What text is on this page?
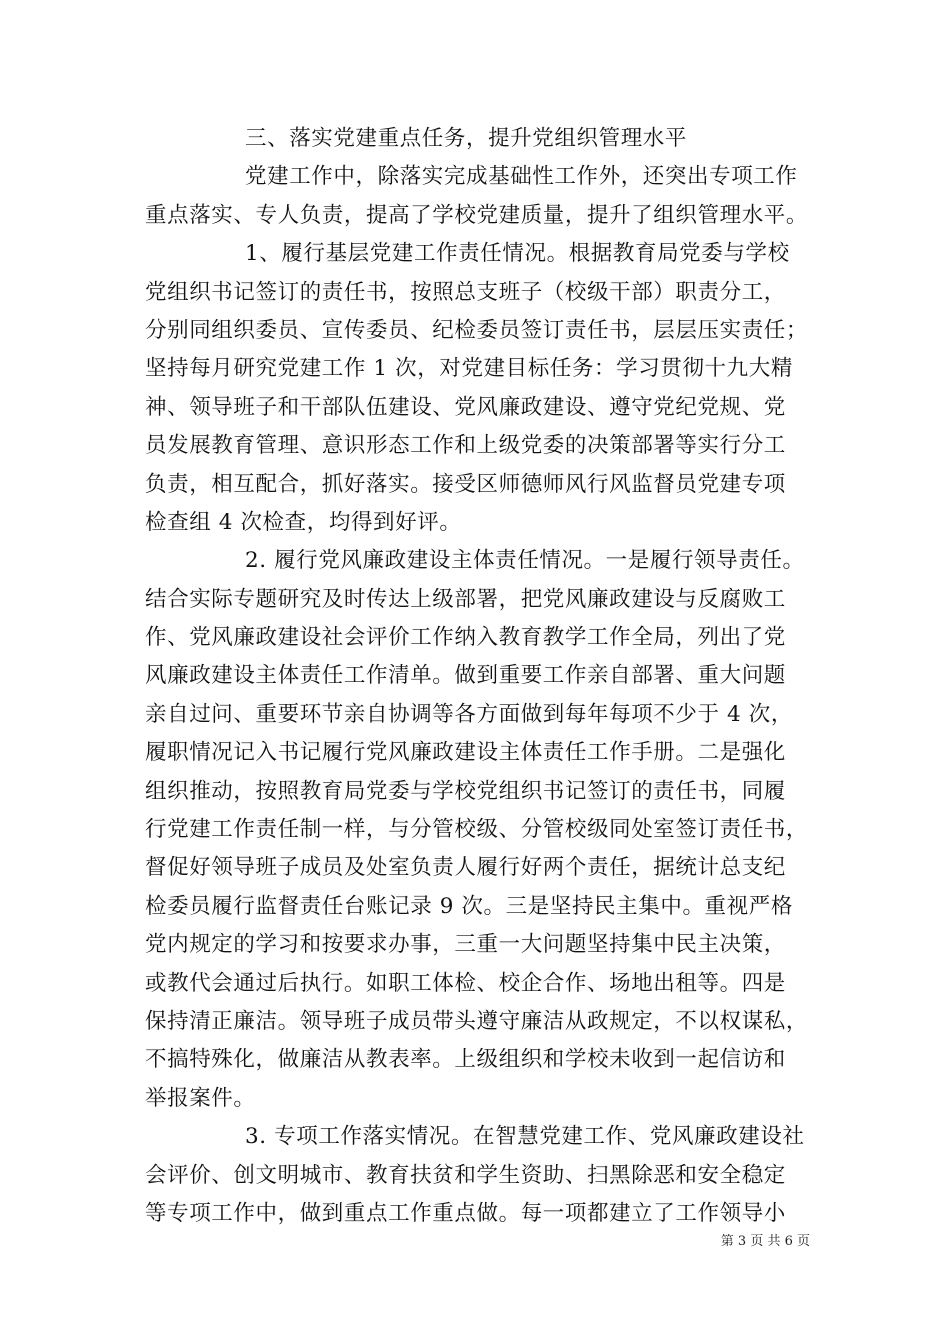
三、落实党建重点任务，提升党组织管理水平
党建工作中，除落实完成基础性工作外，还突出专项工作
重点落实、专人负责，提高了学校党建质量，提升了组织管理水平。
1、履行基层党建工作责任情况。根据教育局党委与学校
党组织书记签订的责任书，按照总支班子（校级干部）职责分工，
分别同组织委员、宣传委员、纪检委员签订责任书，层层压实责任；
坚持每月研究党建工作 1 次，对党建目标任务：学习贯彻十九大精
神、领导班子和干部队伍建设、党风廉政建设、遵守党纪党规、党
员发展教育管理、意识形态工作和上级党委的决策部署等实行分工
负责，相互配合，抓好落实。接受区师德师风行风监督员党建专项
检查组 4 次检查，均得到好评。
2. 履行党风廉政建设主体责任情况。一是履行领导责任。
结合实际专题研究及时传达上级部署，把党风廉政建设与反腐败工
作、党风廉政建设社会评价工作纳入教育教学工作全局，列出了党
风廉政建设主体责任工作清单。做到重要工作亲自部署、重大问题
亲自过问、重要环节亲自协调等各方面做到每年每项不少于 4 次，
履职情况记入书记履行党风廉政建设主体责任工作手册。二是强化
组织推动，按照教育局党委与学校党组织书记签订的责任书，同履
行党建工作责任制一样，与分管校级、分管校级同处室签订责任书，
督促好领导班子成员及处室负责人履行好两个责任，据统计总支纪
检委员履行监督责任台账记录 9 次。三是坚持民主集中。重视严格
党内规定的学习和按要求办事，三重一大问题坚持集中民主决策，
或教代会通过后执行。如职工体检、校企合作、场地出租等。四是
保持清正廉洁。领导班子成员带头遵守廉洁从政规定，不以权谋私，
不搞特殊化，做廉洁从教表率。上级组织和学校未收到一起信访和
举报案件。
3. 专项工作落实情况。在智慧党建工作、党风廉政建设社
会评价、创文明城市、教育扶贫和学生资助、扫黑除恶和安全稳定
等专项工作中，做到重点工作重点做。每一项都建立了工作领导小
第 3 页 共 6 页
